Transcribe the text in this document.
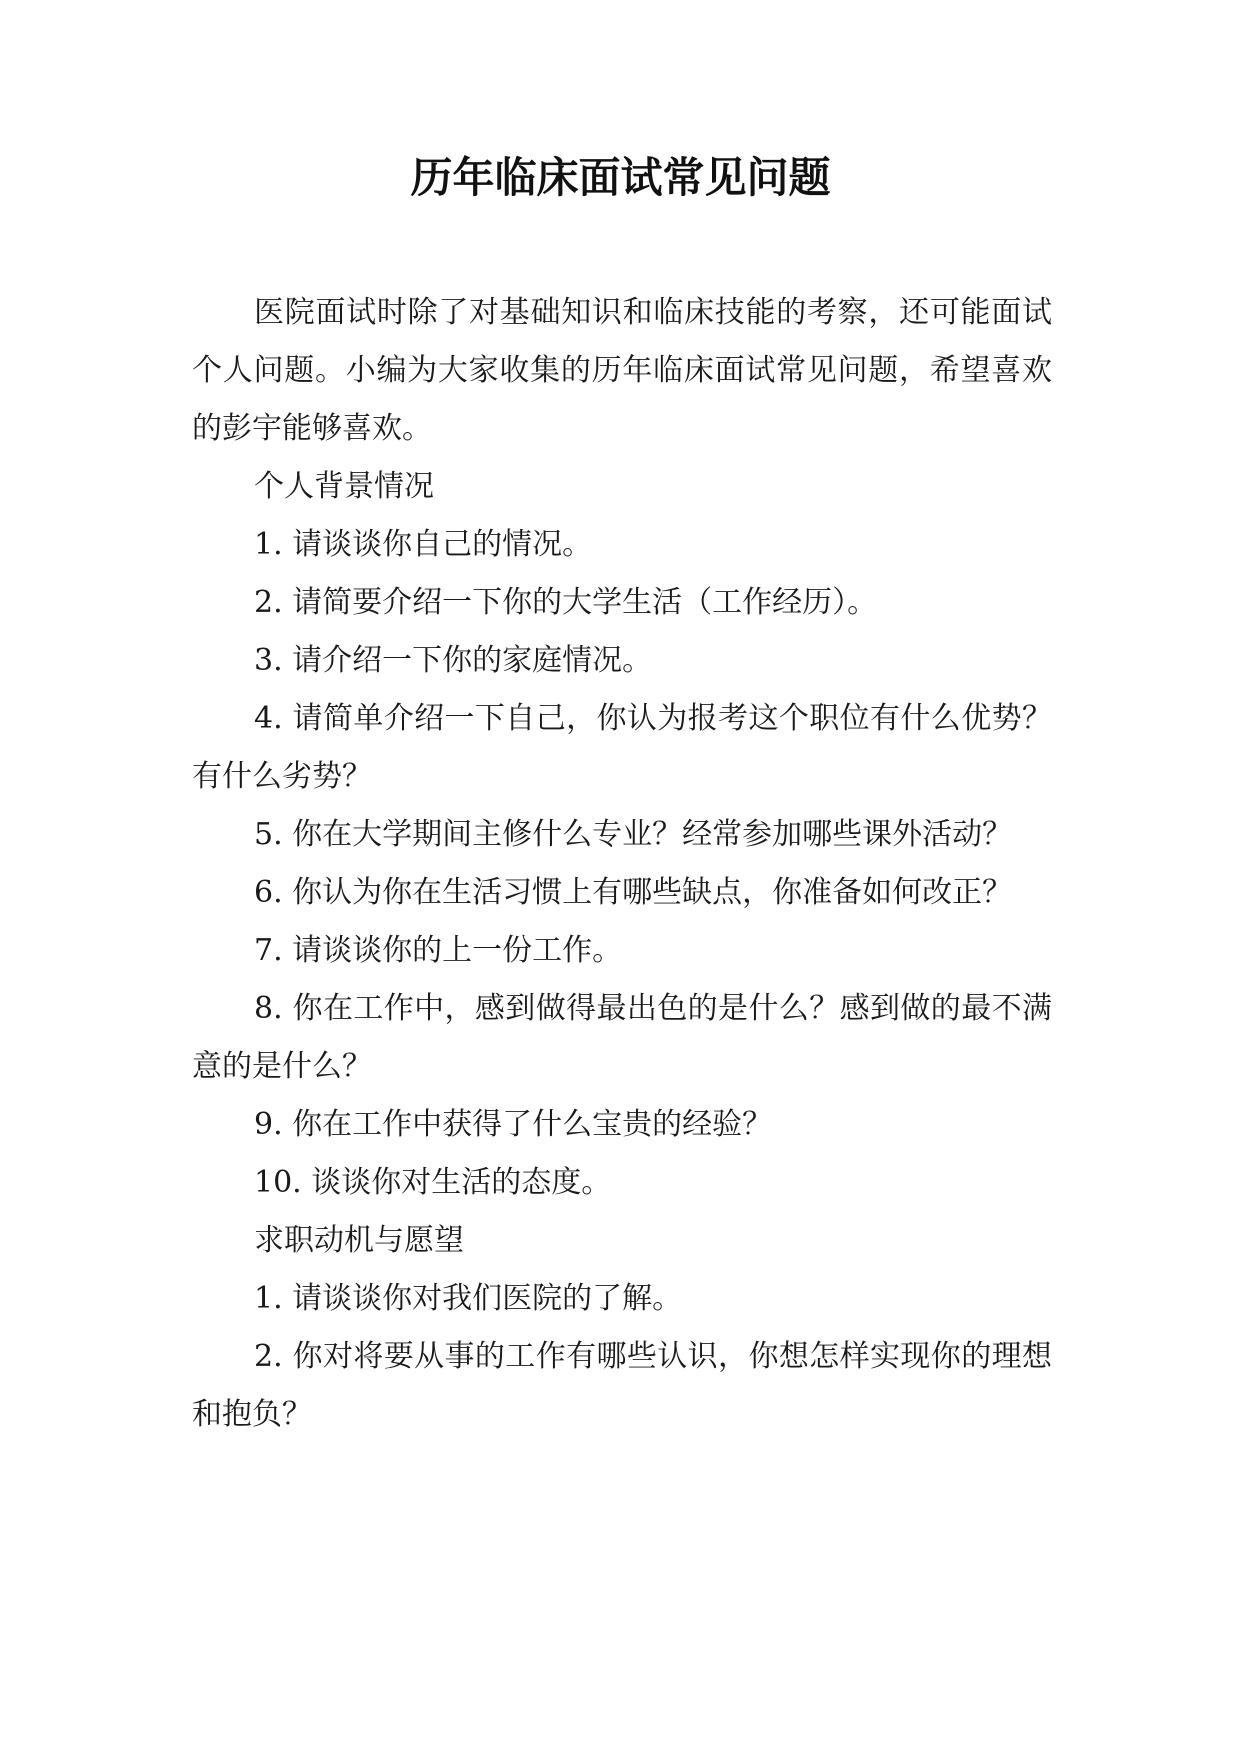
历年临床面试常见问题

医院面试时除了对基础知识和临床技能的考察，还可能面试个人问题。小编为大家收集的历年临床面试常见问题，希望喜欢的彭宇能够喜欢。

个人背景情况

1. 请谈谈你自己的情况。

2. 请简要介绍一下你的大学生活（工作经历）。

3. 请介绍一下你的家庭情况。

4. 请简单介绍一下自己，你认为报考这个职位有什么优势？有什么劣势？

5. 你在大学期间主修什么专业？经常参加哪些课外活动？

6. 你认为你在生活习惯上有哪些缺点，你准备如何改正？

7. 请谈谈你的上一份工作。

8. 你在工作中，感到做得最出色的是什么？感到做的最不满意的是什么？

9. 你在工作中获得了什么宝贵的经验？

10. 谈谈你对生活的态度。

求职动机与愿望

1. 请谈谈你对我们医院的了解。

2. 你对将要从事的工作有哪些认识，你想怎样实现你的理想和抱负？
